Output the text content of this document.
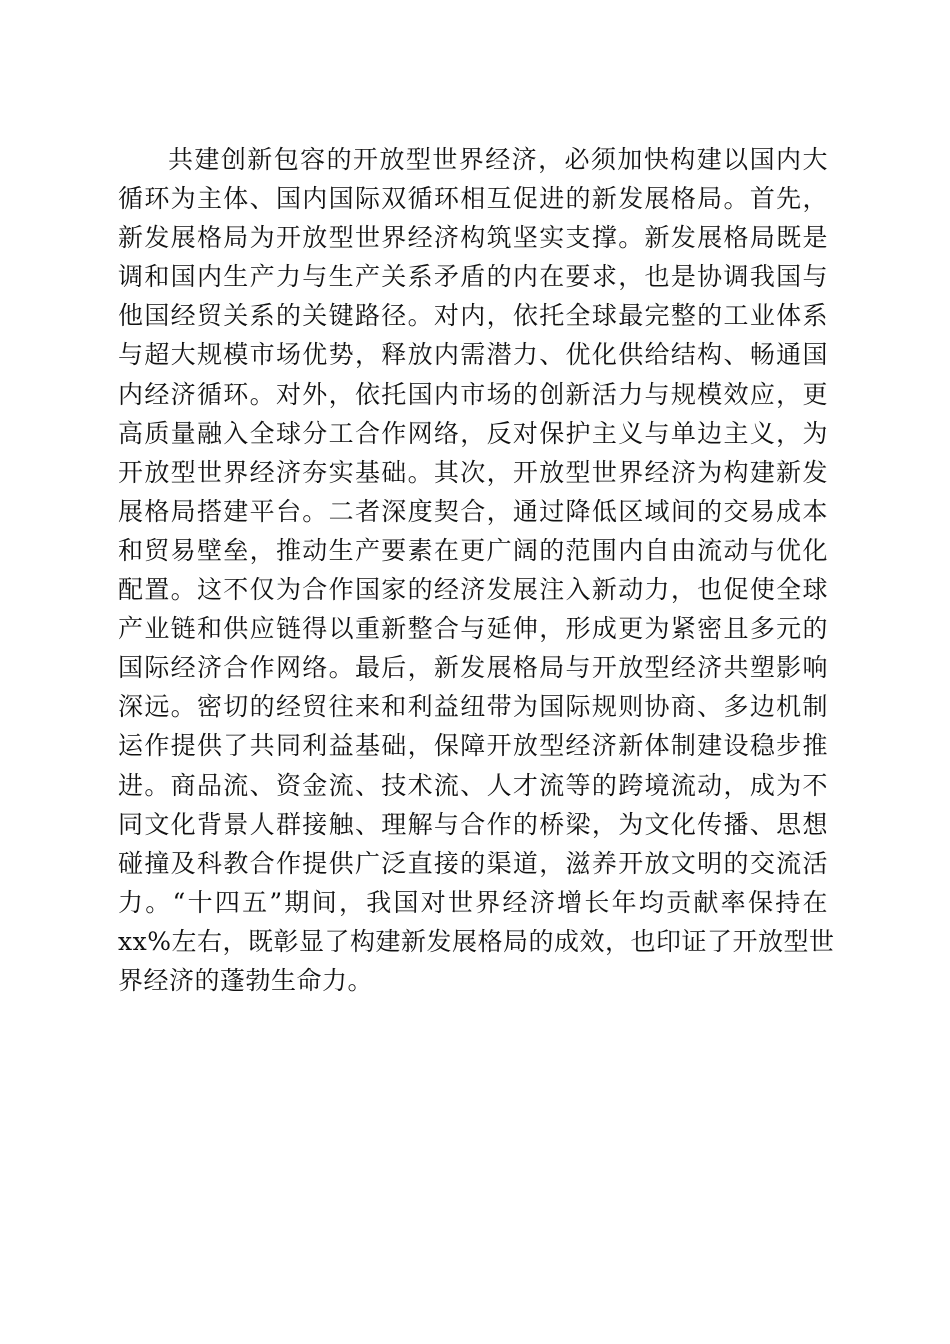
共建创新包容的开放型世界经济，必须加快构建以国内大
循环为主体、国内国际双循环相互促进的新发展格局。首先，
新发展格局为开放型世界经济构筑坚实支撑。新发展格局既是
调和国内生产力与生产关系矛盾的内在要求，也是协调我国与
他国经贸关系的关键路径。对内，依托全球最完整的工业体系
与超大规模市场优势，释放内需潜力、优化供给结构、畅通国
内经济循环。对外，依托国内市场的创新活力与规模效应，更
高质量融入全球分工合作网络，反对保护主义与单边主义，为
开放型世界经济夯实基础。其次，开放型世界经济为构建新发
展格局搭建平台。二者深度契合，通过降低区域间的交易成本
和贸易壁垒，推动生产要素在更广阔的范围内自由流动与优化
配置。这不仅为合作国家的经济发展注入新动力，也促使全球
产业链和供应链得以重新整合与延伸，形成更为紧密且多元的
国际经济合作网络。最后，新发展格局与开放型经济共塑影响
深远。密切的经贸往来和利益纽带为国际规则协商、多边机制
运作提供了共同利益基础，保障开放型经济新体制建设稳步推
进。商品流、资金流、技术流、人才流等的跨境流动，成为不
同文化背景人群接触、理解与合作的桥梁，为文化传播、思想
碰撞及科教合作提供广泛直接的渠道，滋养开放文明的交流活
力。“十四五”期间，我国对世界经济增长年均贡献率保持在
xx%左右，既彰显了构建新发展格局的成效，也印证了开放型世
界经济的蓬勃生命力。
